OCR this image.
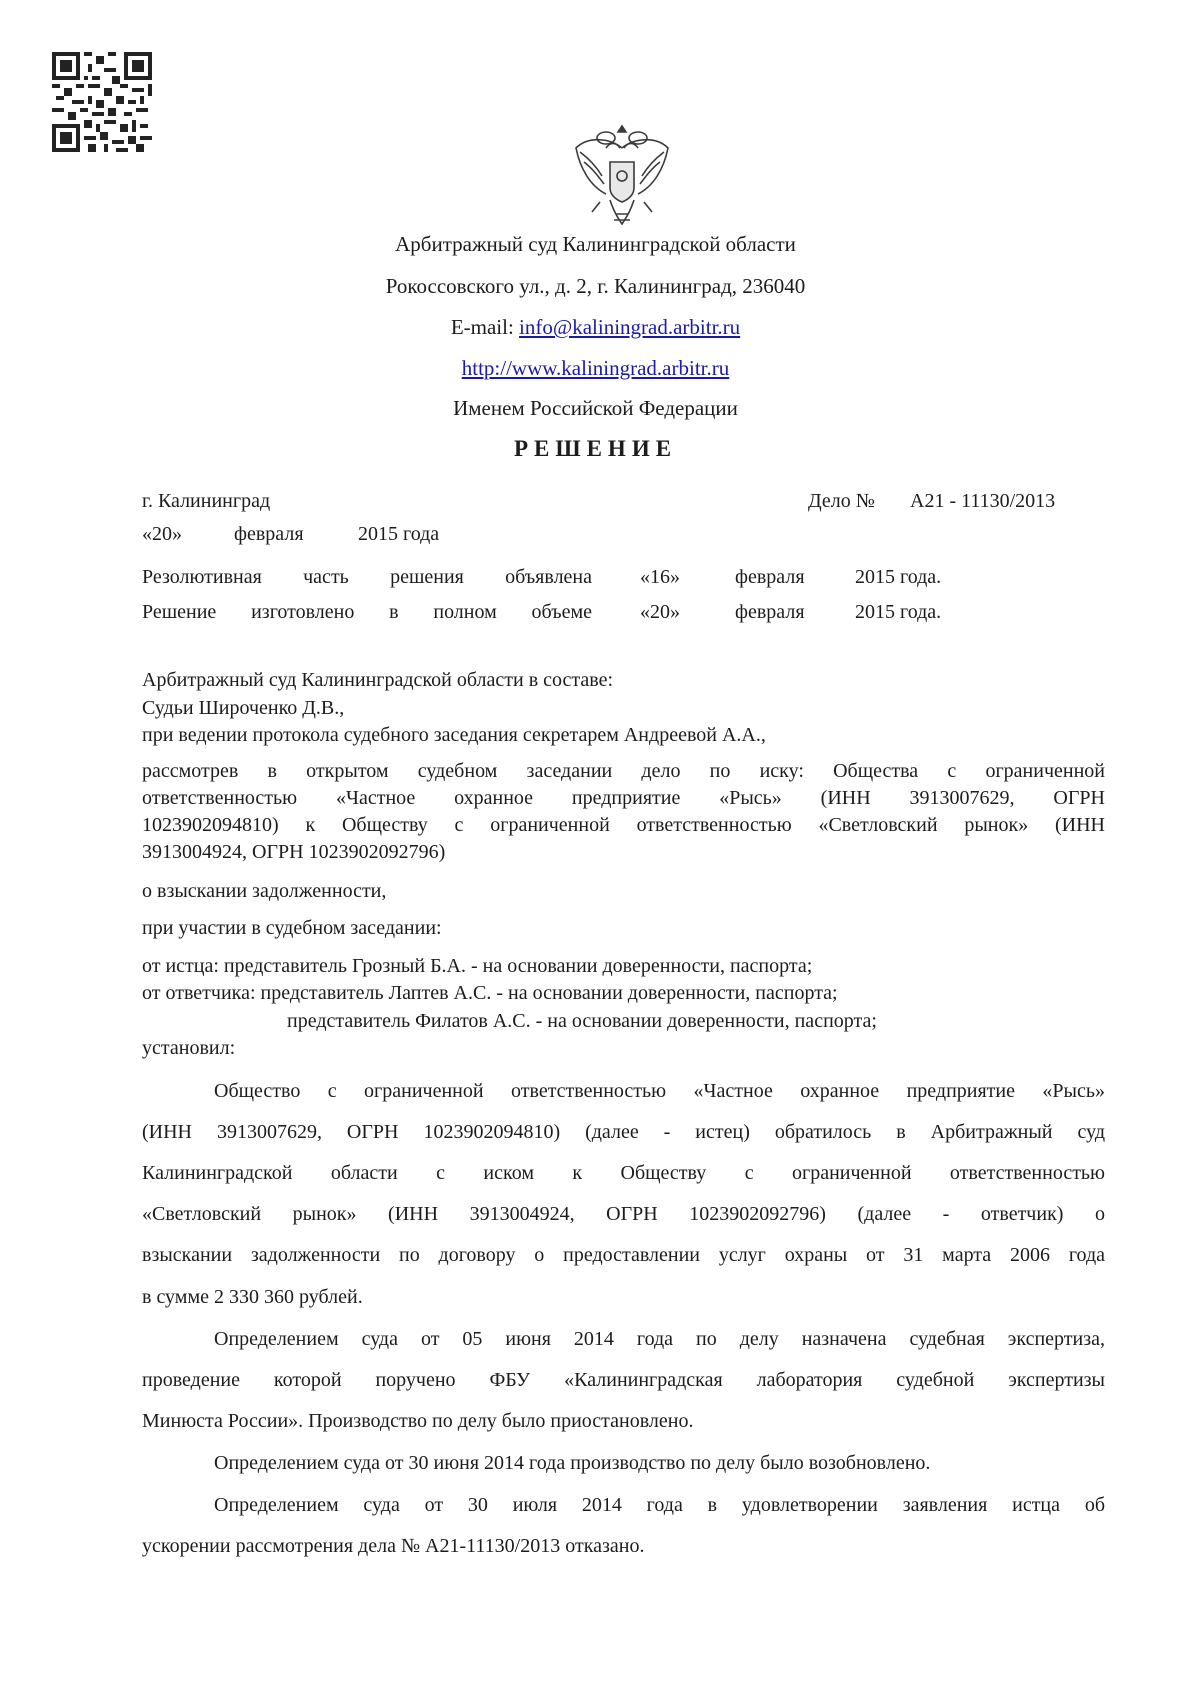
Арбитражный суд Калининградской области
Рокоссовского ул., д. 2, г. Калининград, 236040
E-mail: info@kaliningrad.arbitr.ru
http://www.kaliningrad.arbitr.ru
Именем Российской Федерации
РЕШЕНИЕ
г. Калининград	Дело № А21 - 11130/2013
«20»	февраля	2015 года
Резолютивная часть решения объявлена «16»	февраля	2015 года.
Решение изготовлено в полном объеме «20»	февраля	2015 года.
Арбитражный суд Калининградской области в составе:
Судьи Широченко Д.В.,
при ведении протокола судебного заседания секретарем Андреевой А.А.,
рассмотрев в открытом судебном заседании дело по иску: Общества с ограниченной
ответственностью «Частное охранное предприятие «Рысь» (ИНН 3913007629, ОГРН
1023902094810) к Обществу с ограниченной ответственностью «Светловский рынок» (ИНН
3913004924, ОГРН 1023902092796)
о взыскании задолженности,
при участии в судебном заседании:
от истца: представитель Грозный Б.А. - на основании доверенности, паспорта;
от ответчика: представитель Лаптев А.С. - на основании доверенности, паспорта;
представитель Филатов А.С. - на основании доверенности, паспорта;
установил:
Общество с ограниченной ответственностью «Частное охранное предприятие «Рысь»
(ИНН 3913007629, ОГРН 1023902094810) (далее - истец) обратилось в Арбитражный суд
Калининградской области с иском к Обществу с ограниченной ответственностью
«Светловский рынок» (ИНН 3913004924, ОГРН 1023902092796) (далее - ответчик) о
взыскании задолженности по договору о предоставлении услуг охраны от 31 марта 2006 года
в сумме 2 330 360 рублей.
Определением суда от 05 июня 2014 года по делу назначена судебная экспертиза,
проведение которой поручено ФБУ «Калининградская лаборатория судебной экспертизы
Минюста России». Производство по делу было приостановлено.
Определением суда от 30 июня 2014 года производство по делу было возобновлено.
Определением суда от 30 июля 2014 года в удовлетворении заявления истца об
ускорении рассмотрения дела № А21-11130/2013 отказано.
